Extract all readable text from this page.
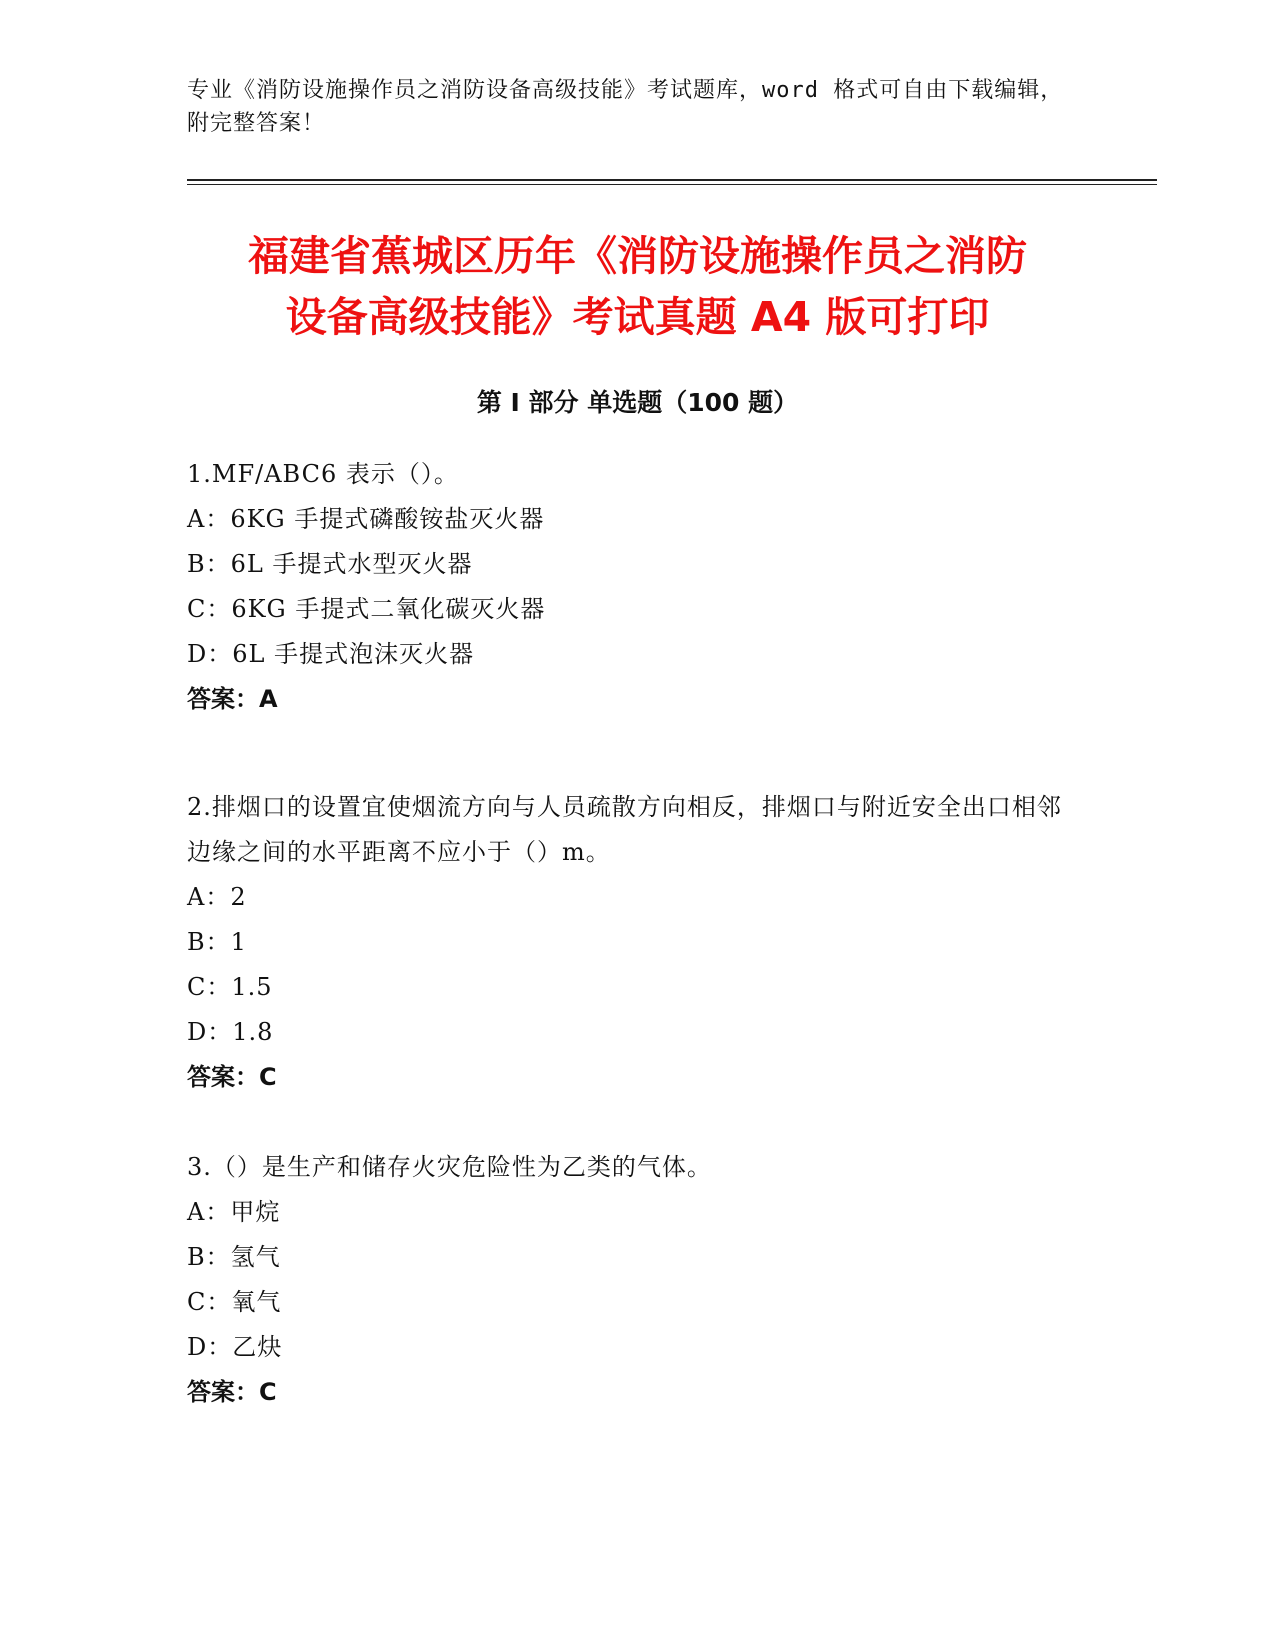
专业《消防设施操作员之消防设备高级技能》考试题库，word 格式可自由下载编辑，附完整答案！
福建省蕉城区历年《消防设施操作员之消防
设备高级技能》考试真题 A4 版可打印
第 I 部分 单选题（100 题）

1.MF/ABC6 表示（）。

A：6KG 手提式磷酸铵盐灭火器

B：6L 手提式水型灭火器

C：6KG 手提式二氧化碳灭火器

D：6L 手提式泡沫灭火器

答案：A

2.排烟口的设置宜使烟流方向与人员疏散方向相反，排烟口与附近安全出口相邻边缘之间的水平距离不应小于（）m。

A：2

B：1

C：1.5

D：1.8

答案：C

3.（）是生产和储存火灾危险性为乙类的气体。

A：甲烷

B：氢气

C：氧气

D：乙炔

答案：C
